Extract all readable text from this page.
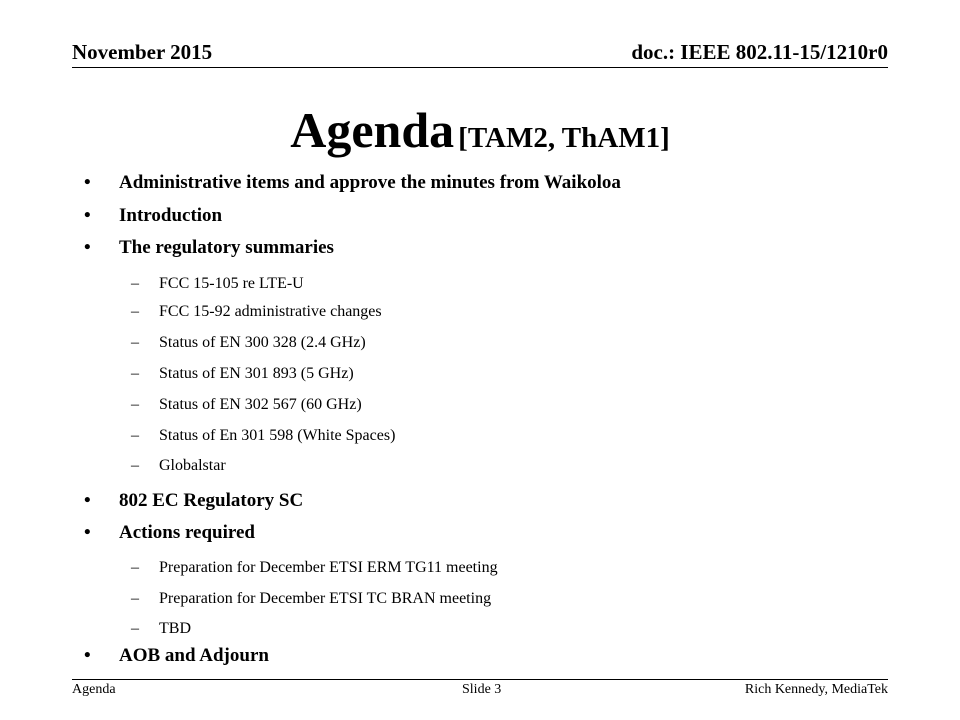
November 2015	doc.: IEEE 802.11-15/1210r0
Agenda [TAM2, ThAM1]
• Administrative items and approve the minutes from Waikoloa
• Introduction
• The regulatory summaries
– FCC 15-105 re LTE-U
– FCC 15-92 administrative changes
– Status of EN 300 328 (2.4 GHz)
– Status of EN 301 893 (5 GHz)
– Status of EN 302 567 (60 GHz)
– Status of En 301 598 (White Spaces)
– Globalstar
• 802 EC Regulatory SC
• Actions required
– Preparation for December ETSI ERM TG11 meeting
– Preparation for December ETSI TC BRAN meeting
– TBD
• AOB and Adjourn
Agenda	Slide 3	Rich Kennedy, MediaTek
